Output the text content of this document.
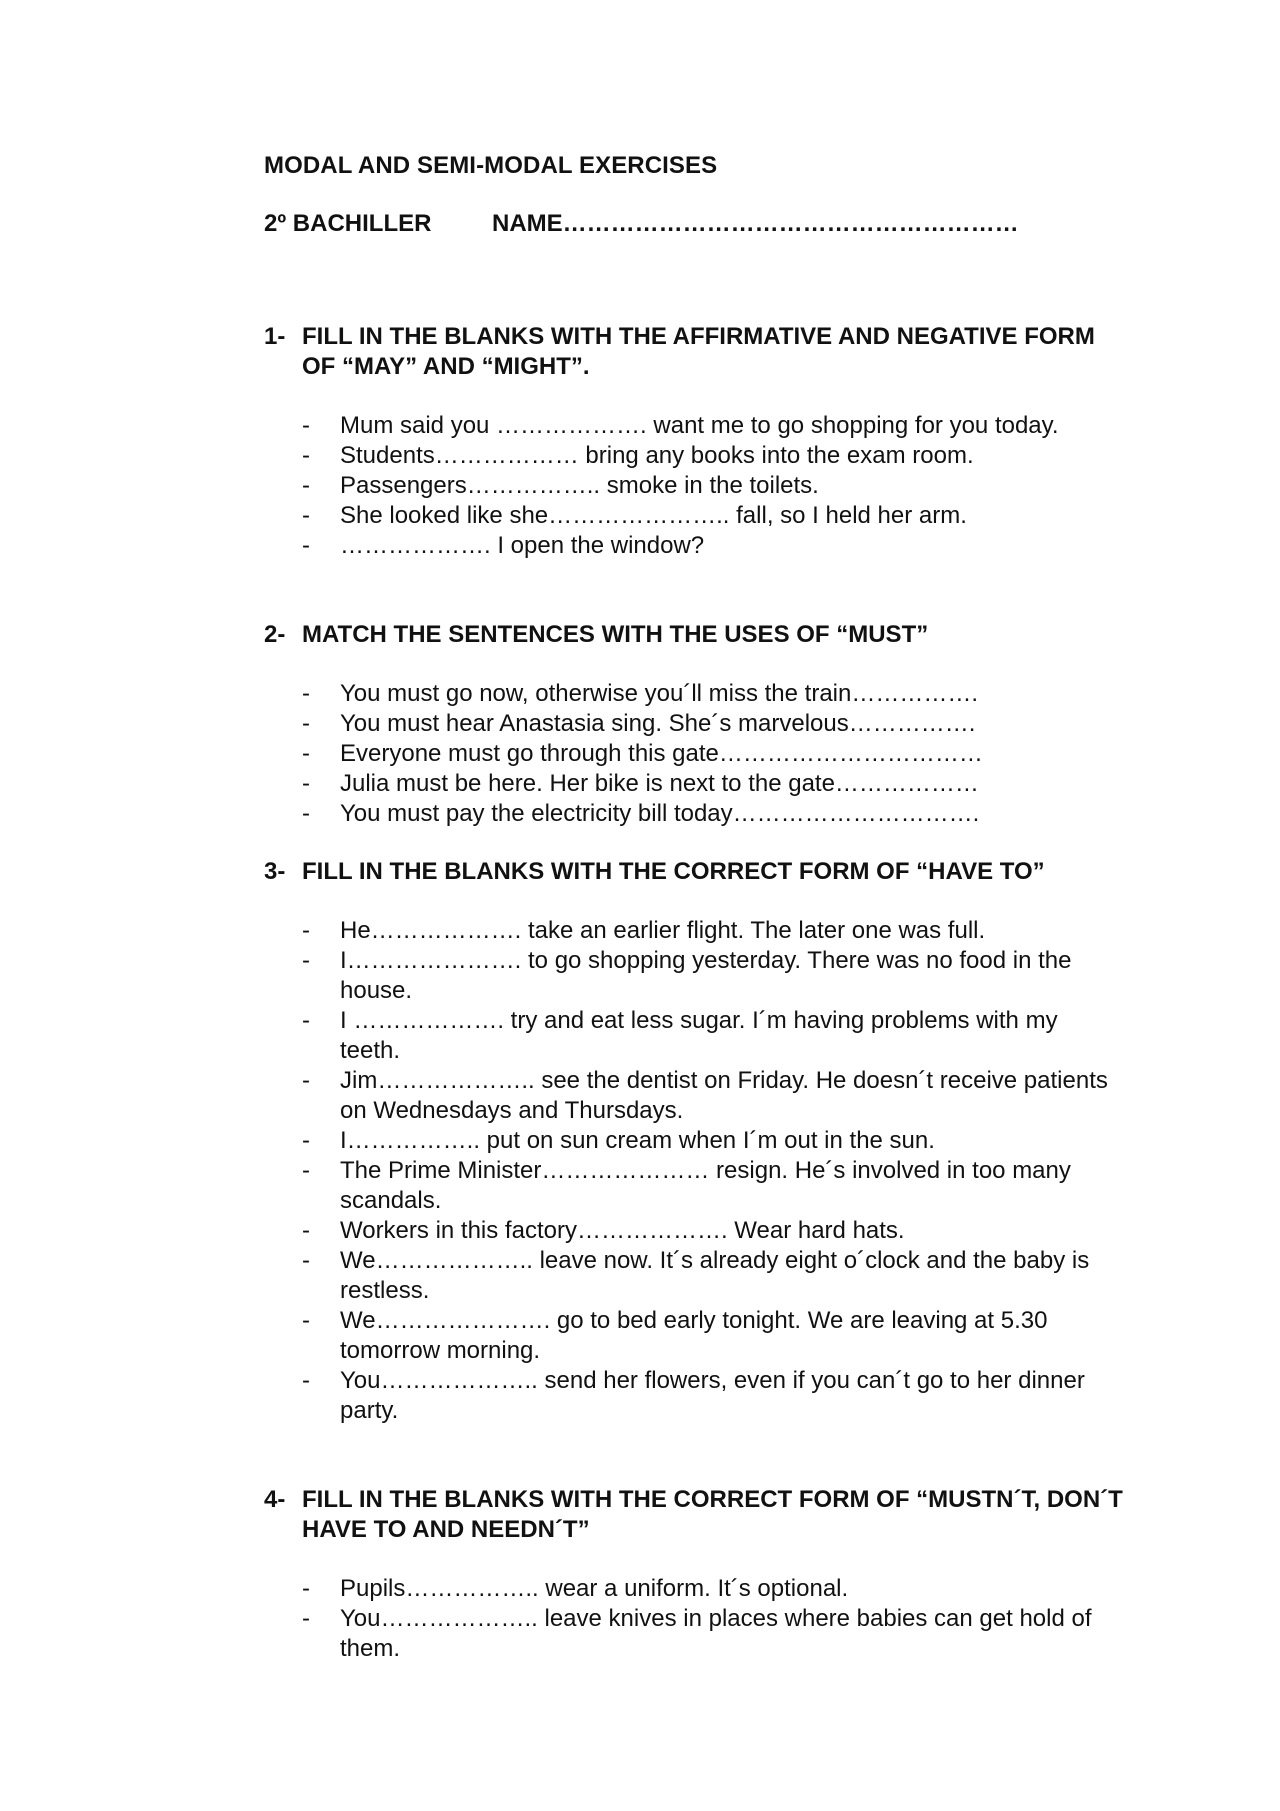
MODAL AND SEMI-MODAL EXERCISES
2º BACHILLER	NAME…………………………………………………
1- FILL IN THE BLANKS WITH THE AFFIRMATIVE AND NEGATIVE FORM OF “MAY” AND “MIGHT”.
-	Mum said you ………………. want me to go shopping for you today.
-	Students……………… bring any books into the exam room.
-	Passengers…………….. smoke in the toilets.
-	She looked like she………………….. fall, so I held her arm.
-	………………. I open the window?
2- MATCH THE SENTENCES WITH THE USES OF “MUST”
-	You must go now, otherwise you´ll miss the train…………….
-	You must hear Anastasia sing. She´s marvelous…………….
-	Everyone must go through this gate……………………………
-	Julia must be here. Her bike is next to the gate………………
-	You must pay the electricity bill today………………………….
3- FILL IN THE BLANKS WITH THE CORRECT FORM OF “HAVE TO”
-	He………………. take an earlier flight. The later one was full.
-	I…………………. to go shopping yesterday. There was no food in the house.
-	I ………………. try and eat less sugar. I´m having problems with my teeth.
-	Jim……………….. see the dentist on Friday. He doesn´t receive patients on Wednesdays and Thursdays.
-	I…………….. put on sun cream when I´m out in the sun.
-	The Prime Minister………………… resign. He´s involved in too many scandals.
-	Workers in this factory………………. Wear hard hats.
-	We……………….. leave now. It´s already eight o´clock and the baby is restless.
-	We…………………. go to bed early tonight. We are leaving at 5.30 tomorrow morning.
-	You……………….. send her flowers, even if you can´t go to her dinner party.
4- FILL IN THE BLANKS WITH THE CORRECT FORM OF “MUSTN´T, DON´T HAVE TO AND NEEDN´T”
-	Pupils…………….. wear a uniform. It´s optional.
-	You……………….. leave knives in places where babies can get hold of them.
